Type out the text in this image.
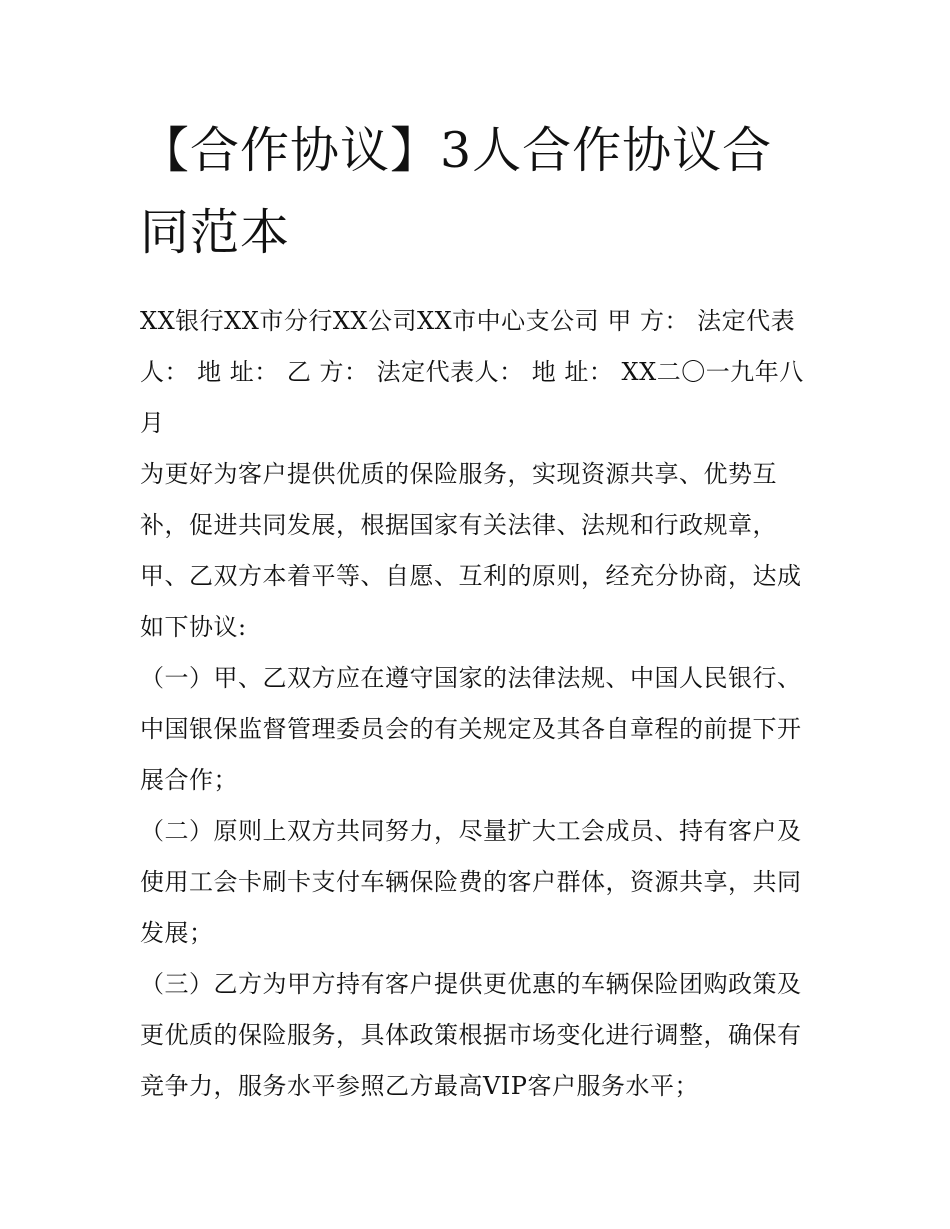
【合作协议】3人合作协议合同范本

XX银行XX市分行XX公司XX市中心支公司 甲 方： 法定代表人： 地 址： 乙 方： 法定代表人： 地 址： XX二〇一九年八月

为更好为客户提供优质的保险服务，实现资源共享、优势互补，促进共同发展，根据国家有关法律、法规和行政规章，甲、乙双方本着平等、自愿、互利的原则，经充分协商，达成如下协议:

（一）甲、乙双方应在遵守国家的法律法规、中国人民银行、中国银保监督管理委员会的有关规定及其各自章程的前提下开展合作；

（二）原则上双方共同努力，尽量扩大工会成员、持有客户及使用工会卡刷卡支付车辆保险费的客户群体，资源共享，共同发展；

（三）乙方为甲方持有客户提供更优惠的车辆保险团购政策及更优质的保险服务，具体政策根据市场变化进行调整，确保有竞争力，服务水平参照乙方最高VIP客户服务水平；
